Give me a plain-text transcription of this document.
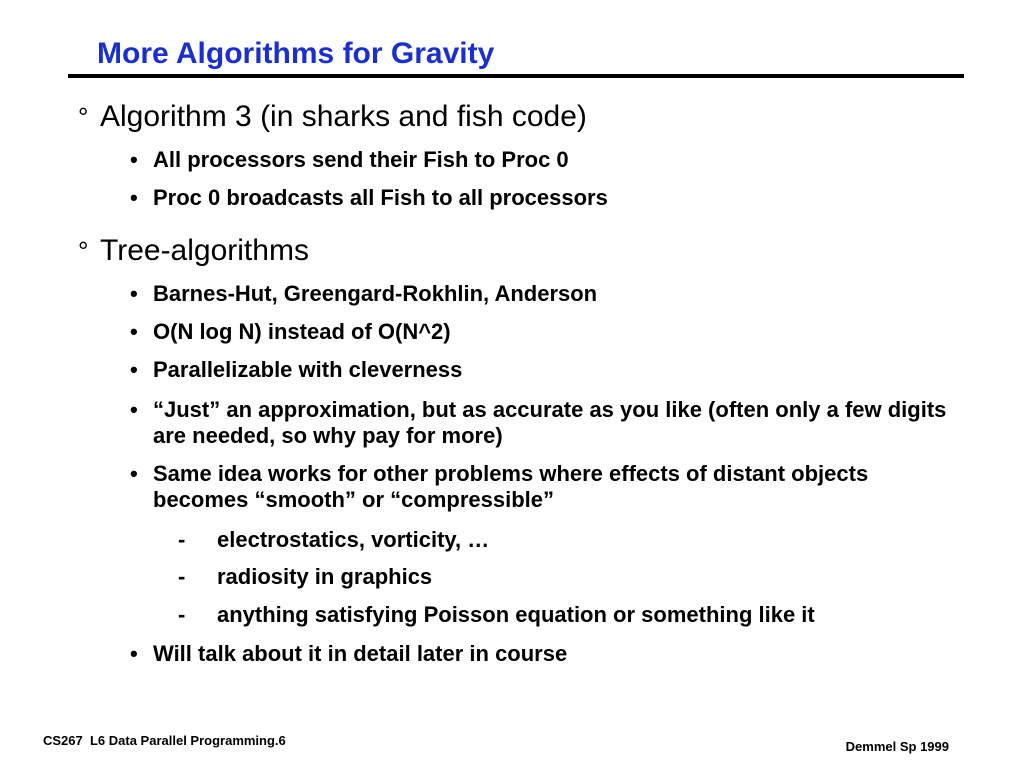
More Algorithms for Gravity
° Algorithm 3 (in sharks and fish code)
• All processors send their Fish to Proc 0
• Proc 0 broadcasts all Fish to all processors
° Tree-algorithms
• Barnes-Hut, Greengard-Rokhlin, Anderson
• O(N log N) instead of O(N^2)
• Parallelizable with cleverness
• “Just” an approximation, but as accurate as you like (often only a few digits are needed, so why pay for more)
• Same idea works for other problems where effects of distant objects becomes “smooth” or “compressible”
- electrostatics, vorticity, …
- radiosity in graphics
- anything satisfying Poisson equation or something like it
• Will talk about it in detail later in course
CS267  L6 Data Parallel Programming.6	Demmel Sp 1999
